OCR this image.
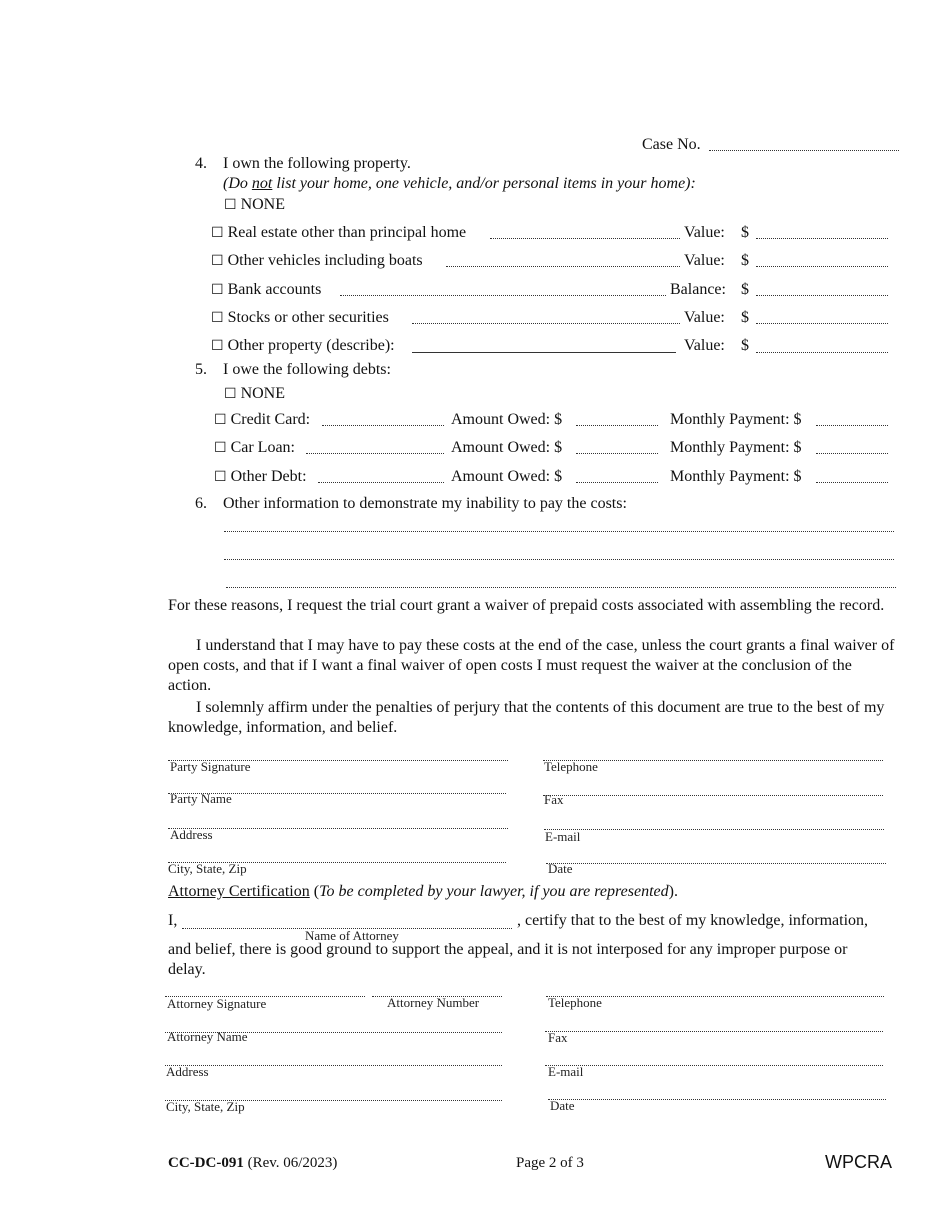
Case No.
4. I own the following property.
(Do not list your home, one vehicle, and/or personal items in your home):
☐ NONE
☐ Real estate other than principal home	Value: $
☐ Other vehicles including boats	Value: $
☐ Bank accounts	Balance: $
☐ Stocks or other securities	Value: $
☐ Other property (describe):	Value: $
5. I owe the following debts:
☐ NONE
☐ Credit Card:	Amount Owed: $	Monthly Payment: $
☐ Car Loan:	Amount Owed: $	Monthly Payment: $
☐ Other Debt:	Amount Owed: $	Monthly Payment: $
6. Other information to demonstrate my inability to pay the costs:
For these reasons, I request the trial court grant a waiver of prepaid costs associated with assembling the record.
I understand that I may have to pay these costs at the end of the case, unless the court grants a final waiver of open costs, and that if I want a final waiver of open costs I must request the waiver at the conclusion of the action.
I solemnly affirm under the penalties of perjury that the contents of this document are true to the best of my knowledge, information, and belief.
Party Signature	Telephone
Party Name	Fax
Address	E-mail
City, State, Zip	Date
Attorney Certification (To be completed by your lawyer, if you are represented).
I,
Name of Attorney
, certify that to the best of my knowledge, information,
and belief, there is good ground to support the appeal, and it is not interposed for any improper purpose or
delay.
Attorney Signature	Attorney Number	Telephone
Attorney Name	Fax
Address	E-mail
City, State, Zip	Date
CC-DC-091 (Rev. 06/2023)	Page 2 of 3	WPCRA
